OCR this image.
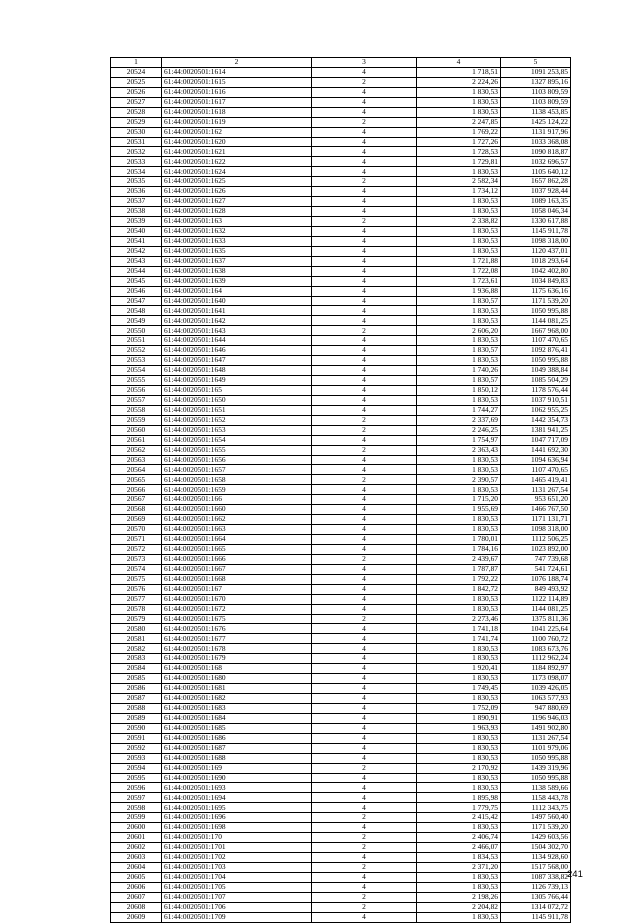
1	2	3	4	5
20524	61:44:0020501:1614	4	1 718,51	1091 253,85
20525	61:44:0020501:1615	2	2 224,26	1327 895,16
20526	61:44:0020501:1616	4	1 830,53	1103 809,59
20527	61:44:0020501:1617	4	1 830,53	1103 809,59
20528	61:44:0020501:1618	4	1 830,53	1138 453,85
20529	61:44:0020501:1619	2	2 247,85	1425 124,22
20530	61:44:0020501:162	4	1 769,22	1131 917,96
20531	61:44:0020501:1620	4	1 727,26	1033 368,08
20532	61:44:0020501:1621	4	1 728,53	1090 818,87
20533	61:44:0020501:1622	4	1 729,81	1032 696,57
20534	61:44:0020501:1624	4	1 830,53	1105 640,12
20535	61:44:0020501:1625	2	2 582,34	1657 862,28
20536	61:44:0020501:1626	4	1 734,12	1037 928,44
20537	61:44:0020501:1627	4	1 830,53	1089 163,35
20538	61:44:0020501:1628	4	1 830,53	1058 046,34
20539	61:44:0020501:163	2	2 338,82	1330 617,88
20540	61:44:0020501:1632	4	1 830,53	1145 911,78
20541	61:44:0020501:1633	4	1 830,53	1098 318,00
20542	61:44:0020501:1635	4	1 830,53	1120 437,01
20543	61:44:0020501:1637	4	1 721,88	1018 293,64
20544	61:44:0020501:1638	4	1 722,08	1042 402,80
20545	61:44:0020501:1639	4	1 723,61	1034 849,83
20546	61:44:0020501:164	4	1 936,88	1175 636,16
20547	61:44:0020501:1640	4	1 830,57	1171 539,20
20548	61:44:0020501:1641	4	1 830,53	1050 995,88
20549	61:44:0020501:1642	4	1 830,53	1144 081,25
20550	61:44:0020501:1643	2	2 606,20	1667 968,00
20551	61:44:0020501:1644	4	1 830,53	1107 470,65
20552	61:44:0020501:1646	4	1 830,57	1092 876,41
20553	61:44:0020501:1647	4	1 830,53	1050 995,88
20554	61:44:0020501:1648	4	1 740,26	1049 388,84
20555	61:44:0020501:1649	4	1 830,57	1085 504,29
20556	61:44:0020501:165	4	1 850,12	1178 576,44
20557	61:44:0020501:1650	4	1 830,53	1037 910,51
20558	61:44:0020501:1651	4	1 744,27	1062 955,25
20559	61:44:0020501:1652	2	2 337,69	1442 354,73
20560	61:44:0020501:1653	2	2 246,25	1381 941,25
20561	61:44:0020501:1654	4	1 754,97	1047 717,09
20562	61:44:0020501:1655	2	2 363,43	1441 692,30
20563	61:44:0020501:1656	4	1 830,53	1094 636,94
20564	61:44:0020501:1657	4	1 830,53	1107 470,65
20565	61:44:0020501:1658	2	2 390,57	1465 419,41
20566	61:44:0020501:1659	4	1 830,53	1131 267,54
20567	61:44:0020501:166	4	1 715,20	953 651,20
20568	61:44:0020501:1660	4	1 955,69	1466 767,50
20569	61:44:0020501:1662	4	1 830,53	1171 131,71
20570	61:44:0020501:1663	4	1 830,53	1098 318,00
20571	61:44:0020501:1664	4	1 780,01	1112 506,25
20572	61:44:0020501:1665	4	1 784,16	1023 892,00
20573	61:44:0020501:1666	2	2 439,67	747 739,68
20574	61:44:0020501:1667	4	1 787,87	541 724,61
20575	61:44:0020501:1668	4	1 792,22	1076 188,74
20576	61:44:0020501:167	4	1 842,72	849 493,92
20577	61:44:0020501:1670	4	1 830,53	1122 114,89
20578	61:44:0020501:1672	4	1 830,53	1144 081,25
20579	61:44:0020501:1675	2	2 273,46	1375 811,36
20580	61:44:0020501:1676	4	1 741,18	1041 225,64
20581	61:44:0020501:1677	4	1 741,74	1100 760,72
20582	61:44:0020501:1678	4	1 830,53	1083 673,76
20583	61:44:0020501:1679	4	1 830,53	1112 962,24
20584	61:44:0020501:168	4	1 920,41	1184 892,97
20585	61:44:0020501:1680	4	1 830,53	1173 098,07
20586	61:44:0020501:1681	4	1 749,45	1039 426,05
20587	61:44:0020501:1682	4	1 830,53	1063 577,93
20588	61:44:0020501:1683	4	1 752,09	947 880,69
20589	61:44:0020501:1684	4	1 890,91	1196 946,03
20590	61:44:0020501:1685	4	1 963,93	1491 902,80
20591	61:44:0020501:1686	4	1 830,53	1131 267,54
20592	61:44:0020501:1687	4	1 830,53	1101 979,06
20593	61:44:0020501:1688	4	1 830,53	1050 995,88
20594	61:44:0020501:169	2	2 170,92	1439 319,96
20595	61:44:0020501:1690	4	1 830,53	1050 995,88
20596	61:44:0020501:1693	4	1 830,53	1138 589,66
20597	61:44:0020501:1694	4	1 895,98	1158 443,78
20598	61:44:0020501:1695	4	1 779,75	1112 343,75
20599	61:44:0020501:1696	2	2 415,42	1497 560,40
20600	61:44:0020501:1698	4	1 830,53	1171 539,20
20601	61:44:0020501:170	2	2 406,74	1429 603,56
20602	61:44:0020501:1701	2	2 466,07	1504 302,70
20603	61:44:0020501:1702	4	1 834,53	1134 928,60
20604	61:44:0020501:1703	2	2 371,20	1517 568,00
20605	61:44:0020501:1704	4	1 830,53	1087 338,82
20606	61:44:0020501:1705	4	1 830,53	1126 739,13
20607	61:44:0020501:1707	2	2 198,26	1305 766,44
20608	61:44:0020501:1706	2	2 204,82	1314 072,72
20609	61:44:0020501:1709	4	1 830,53	1145 911,78
241
